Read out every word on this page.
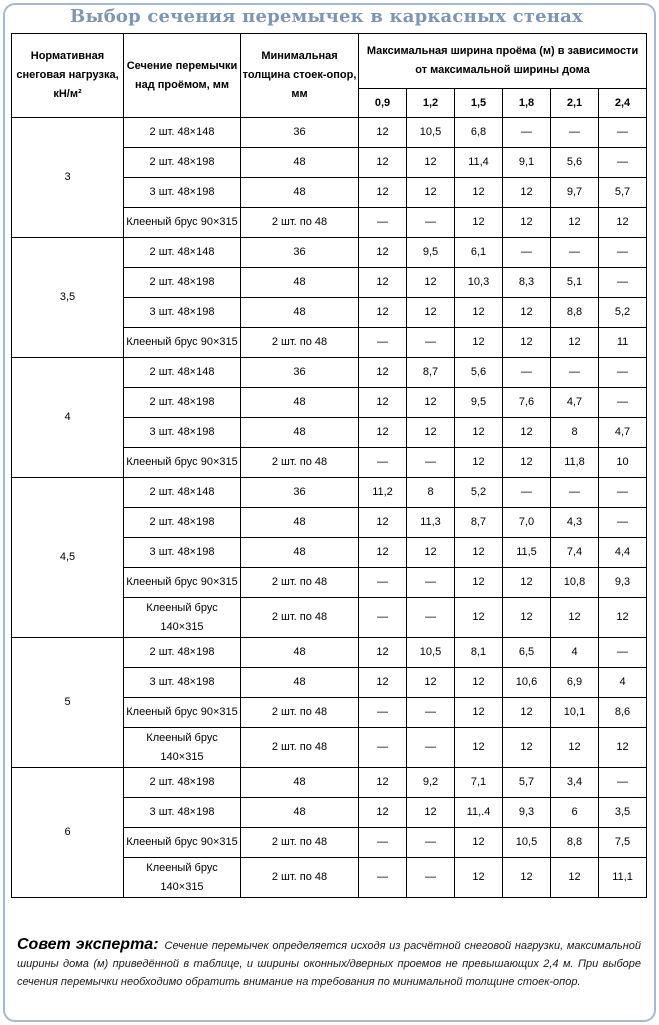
Выбор сечения перемычек в каркасных стенах
Нормативная снеговая нагрузка, кН/м²	Сечение перемычки над проёмом, мм	Минимальная толщина стоек-опор, мм	Максимальная ширина проёма (м) в зависимости от максимальной ширины дома					
			0,9	1,2	1,5	1,8	2,1	2,4
3	2 шт. 48×148	36	12	10,5	6,8	—	—	—
	2 шт. 48×198	48	12	12	11,4	9,1	5,6	—
	3 шт. 48×198	48	12	12	12	12	9,7	5,7
	Клееный брус 90×315	2 шт. по 48	—	—	12	12	12	12
3,5	2 шт. 48×148	36	12	9,5	6,1	—	—	—
	2 шт. 48×198	48	12	12	10,3	8,3	5,1	—
	3 шт. 48×198	48	12	12	12	12	8,8	5,2
	Клееный брус 90×315	2 шт. по 48	—	—	12	12	12	11
4	2 шт. 48×148	36	12	8,7	5,6	—	—	—
	2 шт. 48×198	48	12	12	9,5	7,6	4,7	—
	3 шт. 48×198	48	12	12	12	12	8	4,7
	Клееный брус 90×315	2 шт. по 48	—	—	12	12	11,8	10
4,5	2 шт. 48×148	36	11,2	8	5,2	—	—	—
	2 шт. 48×198	48	12	11,3	8,7	7,0	4,3	—
	3 шт. 48×198	48	12	12	12	11,5	7,4	4,4
	Клееный брус 90×315	2 шт. по 48	—	—	12	12	10,8	9,3
	Клееный брус 140×315	2 шт. по 48	—	—	12	12	12	12
5	2 шт. 48×198	48	12	10,5	8,1	6,5	4	—
	3 шт. 48×198	48	12	12	12	10,6	6,9	4
	Клееный брус 90×315	2 шт. по 48	—	—	12	12	10,1	8,6
	Клееный брус 140×315	2 шт. по 48	—	—	12	12	12	12
6	2 шт. 48×198	48	12	9,2	7,1	5,7	3,4	—
	3 шт. 48×198	48	12	12	11,.4	9,3	6	3,5
	Клееный брус 90×315	2 шт. по 48	—	—	12	10,5	8,8	7,5
	Клееный брус 140×315	2 шт. по 48	—	—	12	12	12	11,1
Совет эксперта: Сечение перемычек определяется исходя из расчётной снеговой нагрузки, максимальной ширины дома (м) приведённой в таблице, и ширины оконных/дверных проемов не превышающих 2,4 м. При выборе сечения перемычки необходимо обратить внимание на требования по минимальной толщине стоек-опор.
